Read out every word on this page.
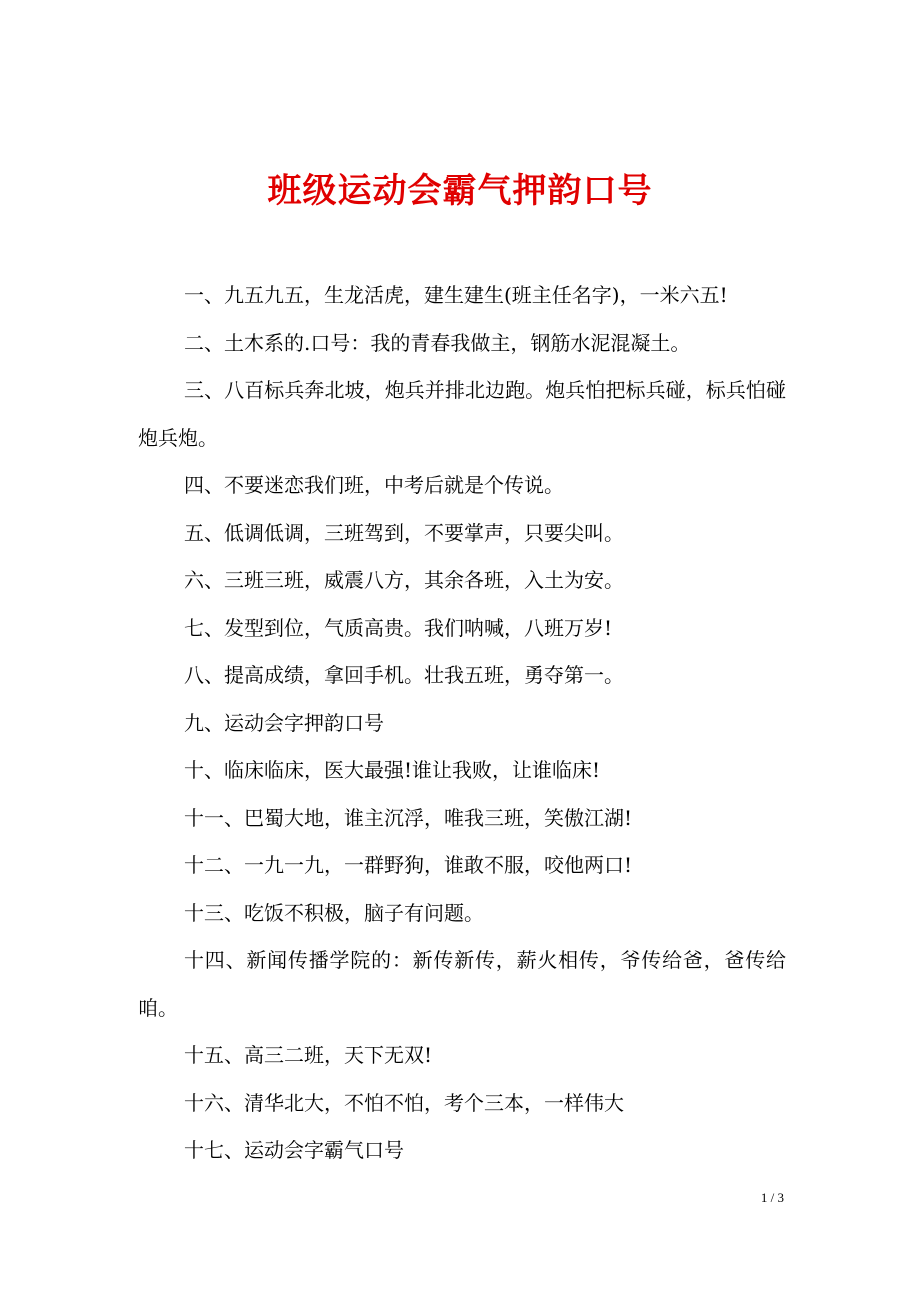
班级运动会霸气押韵口号

一、九五九五，生龙活虎，建生建生(班主任名字)，一米六五!

二、土木系的.口号：我的青春我做主，钢筋水泥混凝土。

三、八百标兵奔北坡，炮兵并排北边跑。炮兵怕把标兵碰，标兵怕碰炮兵炮。

四、不要迷恋我们班，中考后就是个传说。

五、低调低调，三班驾到，不要掌声，只要尖叫。

六、三班三班，威震八方，其余各班，入土为安。

七、发型到位，气质高贵。我们呐喊，八班万岁!

八、提高成绩，拿回手机。壮我五班，勇夺第一。

九、运动会字押韵口号

十、临床临床，医大最强!谁让我败，让谁临床!

十一、巴蜀大地，谁主沉浮，唯我三班，笑傲江湖!

十二、一九一九，一群野狗，谁敢不服，咬他两口!

十三、吃饭不积极，脑子有问题。

十四、新闻传播学院的：新传新传，薪火相传，爷传给爸，爸传给咱。

十五、高三二班，天下无双!

十六、清华北大，不怕不怕，考个三本，一样伟大

十七、运动会字霸气口号

1 / 3
